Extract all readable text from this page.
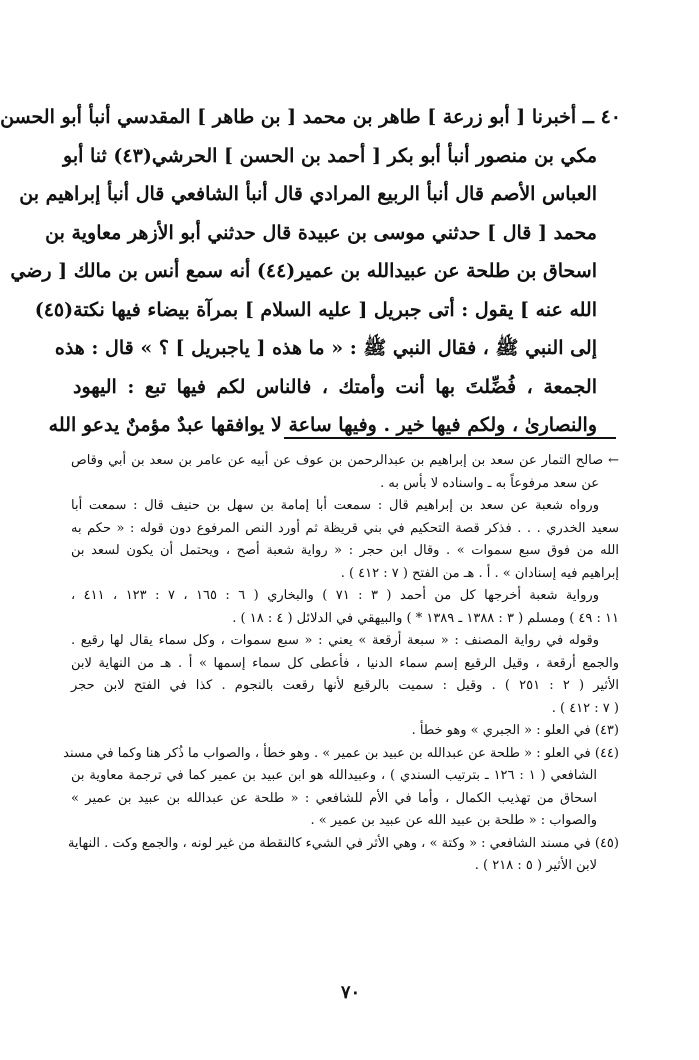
٤٠ ــ أخبرنا [ أبو زرعة ] طاهر بن محمد [ بن طاهر ] المقدسي أنبأ أبو الحسن
مكي بن منصور أنبأ أبو بكر [ أحمد بن الحسن ] الحرشي(٤٣) ثنا أبو
العباس الأصم قال أنبأ الربيع المرادي قال أنبأ الشافعي قال أنبأ إبراهيم بن
محمد [ قال ] حدثني موسى بن عبيدة قال حدثني أبو الأزهر معاوية بن
اسحاق بن طلحة عن عبيدالله بن عمير(٤٤) أنه سمع أنس بن مالك [ رضي
الله عنه ] يقول : أتى جبريل [ عليه السلام ] بمرآة بيضاء فيها نكتة(٤٥)
إلى النبي ﷺ ، فقال النبي ﷺ : « ما هذه [ ياجبريل ] ؟ » قال : هذه
الجمعة ، فُضِّلتَ بها أنت وأمتك ، فالناس لكم فيها تبع : اليهود
والنصارىٰ ، ولكم فيها خير . وفيها ساعة لا يوافقها عبدٌ مؤمنٌ يدعو الله
← صالح التمار عن سعد بن إبراهيم بن عبدالرحمن بن عوف عن أبيه عن عامر بن سعد بن أبي وقاص
عن سعد مرفوعاً به ـ واسناده لا بأس به .
ورواه شعبة عن سعد بن إبراهيم قال : سمعت أبا إمامة بن سهل بن حنيف قال : سمعت أبا
سعيد الخدري . . . فذكر قصة التحكيم في بني قريظة ثم أورد النص المرفوع دون قوله : « حكم به
الله من فوق سبع سموات » . وقال ابن حجر : « رواية شعبة أصح ، ويحتمل أن يكون لسعد بن
إبراهيم فيه إسنادان » . أ . هـ من الفتح ( ٧ : ٤١٢ ) .
ورواية شعبة أخرجها كل من أحمد ( ٣ : ٧١ ) والبخاري ( ٦ : ١٦٥ ، ٧ : ١٢٣ ، ٤١١ ،
١١ : ٤٩ ) ومسلم ( ٣ : ١٣٨٨ ـ ١٣٨٩ * ) والبيهقي في الدلائل ( ٤ : ١٨ ) .
وقوله في رواية المصنف : « سبعة أرقعة » يعني : « سبع سموات ، وكل سماء يقال لها رقيع .
والجمع أرقعة ، وقيل الرقيع إسم سماء الدنيا ، فأعطى كل سماء إسمها » أ . هـ من النهاية لابن
الأثير ( ٢ : ٢٥١ ) . وقيل : سميت بالرقيع لأنها رقعت بالنجوم . كذا في الفتح لابن حجر
( ٧ : ٤١٢ ) .
(٤٣) في العلو : « الجبري » وهو خطأ .
(٤٤) في العلو : « طلحة عن عبدالله بن عبيد بن عمير » . وهو خطأ ، والصواب ما ذُكر هنا وكما في مسند
الشافعي ( ١ : ١٢٦ ـ بترتيب السندي ) ، وعبيدالله هو ابن عبيد بن عمير كما في ترجمة معاوية بن
اسحاق من تهذيب الكمال ، وأما في الأم للشافعي : « طلحة عن عبدالله بن عبيد بن عمير »
والصواب : « طلحة بن عبيد الله عن عبيد بن عمير » .
(٤٥) في مسند الشافعي : « وكتة » ، وهي الأثر في الشيء كالنقطة من غير لونه ، والجمع وكت . النهاية
لابن الأثير ( ٥ : ٢١٨ ) .
٧٠
